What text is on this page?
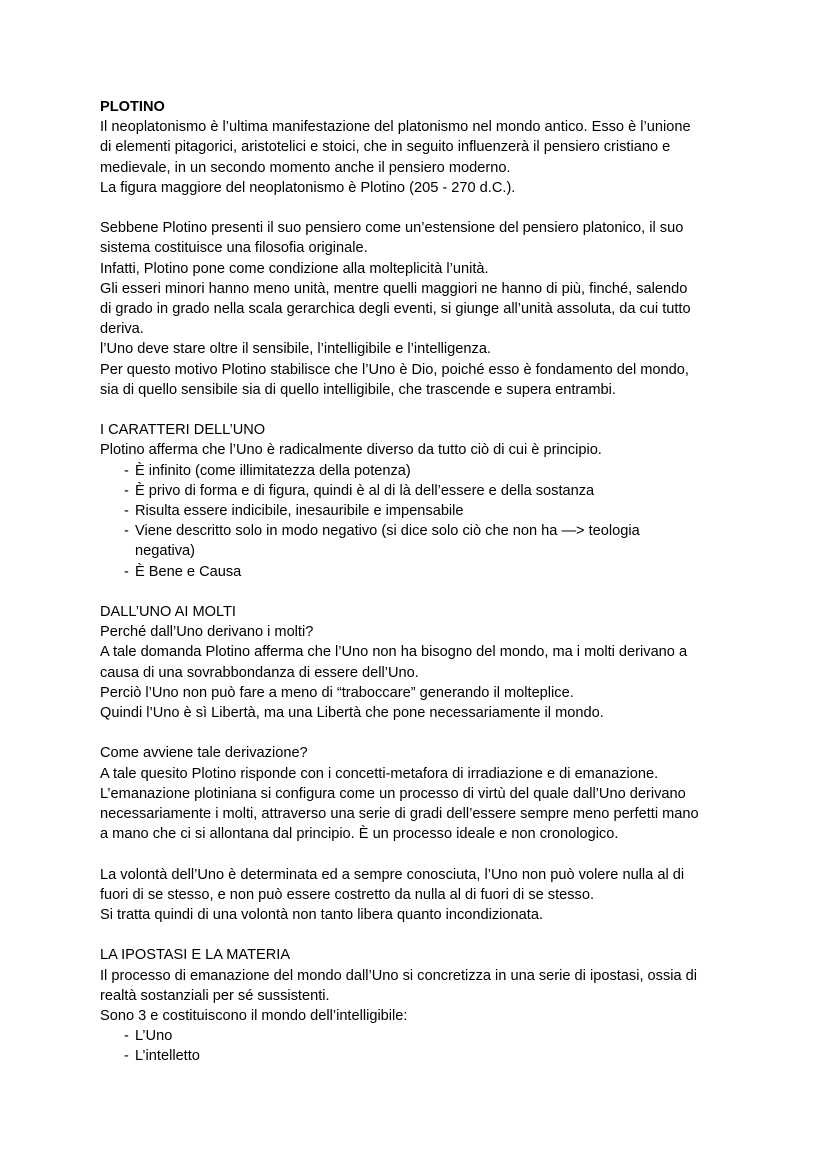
PLOTINO
Il neoplatonismo è l’ultima manifestazione del platonismo nel mondo antico. Esso è l’unione
di elementi pitagorici, aristotelici e stoici, che in seguito influenzerà il pensiero cristiano e
medievale, in un secondo momento anche il pensiero moderno.
La figura maggiore del neoplatonismo è Plotino (205 - 270 d.C.).
Sebbene Plotino presenti il suo pensiero come un’estensione del pensiero platonico, il suo
sistema costituisce una filosofia originale.
Infatti, Plotino pone come condizione alla molteplicità l’unità.
Gli esseri minori hanno meno unità, mentre quelli maggiori ne hanno di più, finché, salendo
di grado in grado nella scala gerarchica degli eventi, si giunge all’unità assoluta, da cui tutto
deriva.
l’Uno deve stare oltre il sensibile, l’intelligibile e l’intelligenza.
Per questo motivo Plotino stabilisce che l’Uno è Dio, poiché esso è fondamento del mondo,
sia di quello sensibile sia di quello intelligibile, che trascende e supera entrambi.
I CARATTERI DELL’UNO
Plotino afferma che l’Uno è radicalmente diverso da tutto ciò di cui è principio.
- È infinito (come illimitatezza della potenza)
- È privo di forma e di figura, quindi è al di là dell’essere e della sostanza
- Risulta essere indicibile, inesauribile e impensabile
- Viene descritto solo in modo negativo (si dice solo ciò che non ha —> teologia
negativa)
- È Bene e Causa
DALL’UNO AI MOLTI
Perché dall’Uno derivano i molti?
A tale domanda Plotino afferma che l’Uno non ha bisogno del mondo, ma i molti derivano a
causa di una sovrabbondanza di essere dell’Uno.
Perciò l’Uno non può fare a meno di “traboccare” generando il molteplice.
Quindi l’Uno è sì Libertà, ma una Libertà che pone necessariamente il mondo.
Come avviene tale derivazione?
A tale quesito Plotino risponde con i concetti-metafora di irradiazione e di emanazione.
L’emanazione plotiniana si configura come un processo di virtù del quale dall’Uno derivano
necessariamente i molti, attraverso una serie di gradi dell’essere sempre meno perfetti mano
a mano che ci si allontana dal principio. È un processo ideale e non cronologico.
La volontà dell’Uno è determinata ed a sempre conosciuta, l’Uno non può volere nulla al di
fuori di se stesso, e non può essere costretto da nulla al di fuori di se stesso.
Si tratta quindi di una volontà non tanto libera quanto incondizionata.
LA IPOSTASI E LA MATERIA
Il processo di emanazione del mondo dall’Uno si concretizza in una serie di ipostasi, ossia di
realtà sostanziali per sé sussistenti.
Sono 3 e costituiscono il mondo dell’intelligibile:
- L’Uno
- L’intelletto
